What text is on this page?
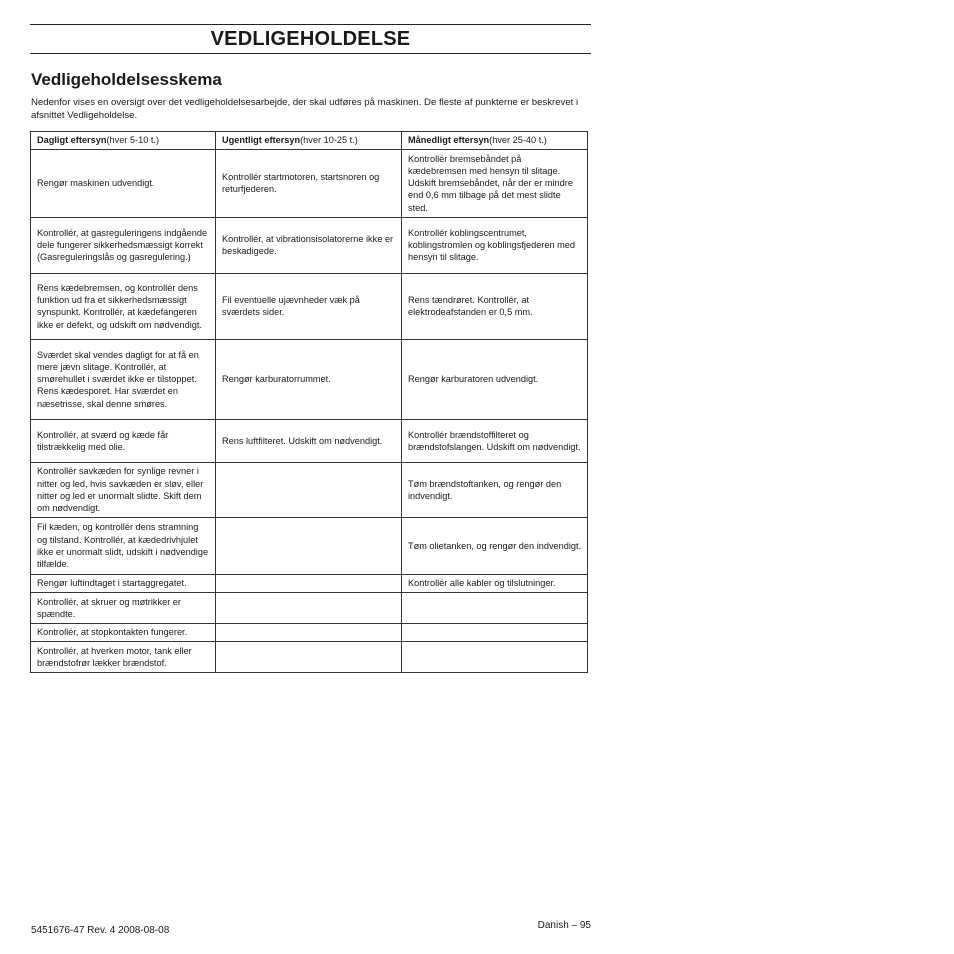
VEDLIGEHOLDELSE
Vedligeholdelsesskema

Nedenfor vises en oversigt over det vedligeholdelsesarbejde, der skal udføres på maskinen. De fleste af punkterne er beskrevet i afsnittet Vedligeholdelse.

Dagligt eftersyn(hver 5-10 t.)	Ugentligt eftersyn(hver 10-25 t.)	Månedligt eftersyn(hver 25-40 t.)
Rengør maskinen udvendigt.	Kontrollér startmotoren, startsnoren og returfjederen.	Kontrollér bremsebåndet på kædebremsen med hensyn til slitage. Udskift bremsebåndet, når der er mindre end 0,6 mm tilbage på det mest slidte sted.
Kontrollér, at gasreguleringens indgående dele fungerer sikkerhedsmæssigt korrekt (Gasreguleringslås og gasregulering.)	Kontrollér, at vibrationsisolatorerne ikke er beskadigede.	Kontrollér koblingscentrumet, koblingstromlen og koblingsfjederen med hensyn til slitage.
Rens kædebremsen, og kontrollér dens funktion ud fra et sikkerhedsmæssigt synspunkt. Kontrollér, at kædefangeren ikke er defekt, og udskift om nødvendigt.	Fil eventuelle ujævnheder væk på sværdets sider.	Rens tændrøret. Kontrollér, at elektrodeafstanden er 0,5 mm.
Sværdet skal vendes dagligt for at få en mere jævn slitage. Kontrollér, at smørehullet i sværdet ikke er tilstoppet. Rens kædesporet. Har sværdet en næsetrisse, skal denne smøres.	Rengør karburatorrummet.	Rengør karburatoren udvendigt.
Kontrollér, at sværd og kæde får tilstrækkelig med olie.	Rens luftfilteret. Udskift om nødvendigt.	Kontrollér brændstoffilteret og brændstofslangen. Udskift om nødvendigt.
Kontrollér savkæden for synlige revner i nitter og led, hvis savkæden er sløv, eller nitter og led er unormalt slidte. Skift dem om nødvendigt.		Tøm brændstoftanken, og rengør den indvendigt.
Fil kæden, og kontrollér dens stramning og tilstand. Kontrollér, at kædedrivhjulet ikke er unormalt slidt, udskift i nødvendige tilfælde.		Tøm olietanken, og rengør den indvendigt.
Rengør luftindtaget i startaggregatet.		Kontrollér alle kabler og tilslutninger.
Kontrollér, at skruer og møtrikker er spændte.		
Kontrollér, at stopkontakten fungerer.		
Kontrollér, at hverken motor, tank eller brændstofrør lækker brændstof.		
Danish – 95
5451676-47 Rev. 4 2008-08-08
